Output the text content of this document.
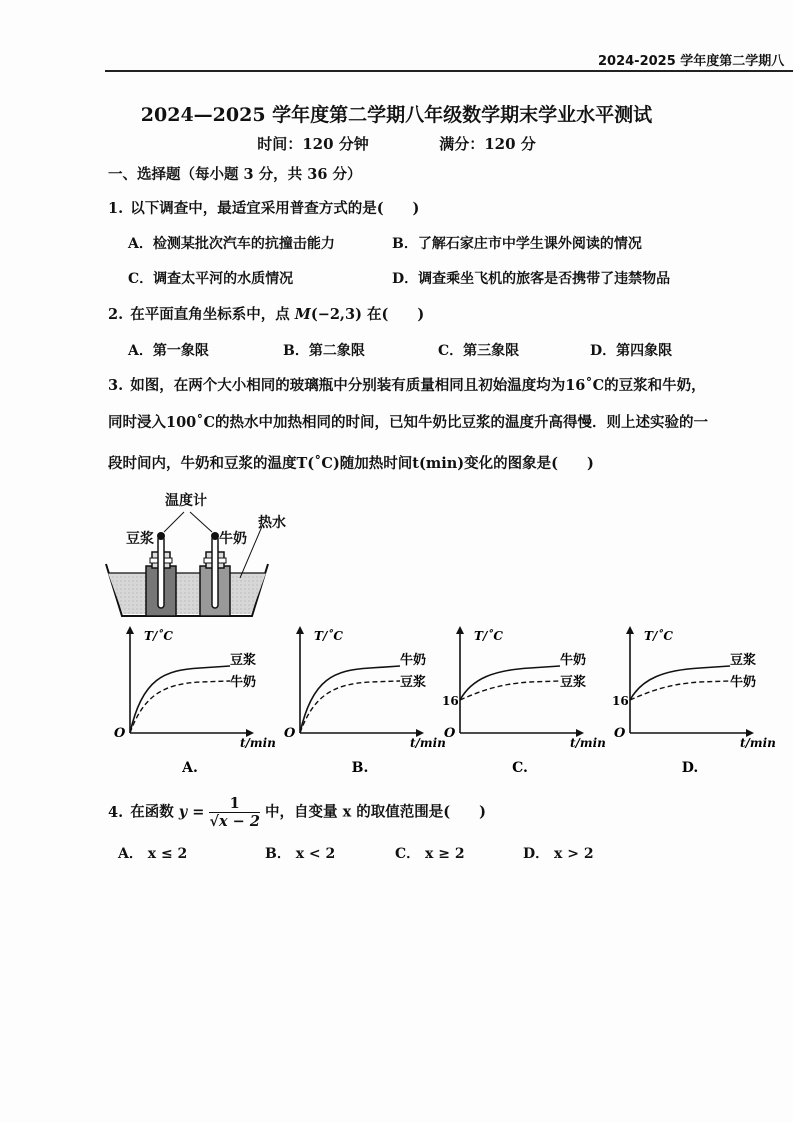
2024-2025 学年度第二学期八
2024—2025 学年度第二学期八年级数学期末学业水平测试
时间：120 分钟	满分：120 分
一、选择题（每小题 3 分，共 36 分）
1. 以下调查中，最适宜采用普查方式的是(　　)
A．检测某批次汽车的抗撞击能力	B．了解石家庄市中学生课外阅读的情况
C．调查太平河的水质情况	D．调查乘坐飞机的旅客是否携带了违禁物品
2. 在平面直角坐标系中，点 M(−2,3) 在(　　)
A．第一象限	B．第二象限	C．第三象限	D．第四象限
3. 如图，在两个大小相同的玻璃瓶中分别装有质量相同且初始温度均为16˚C的豆浆和牛奶，
同时浸入100˚C的热水中加热相同的时间，已知牛奶比豆浆的温度升高得慢．则上述实验的一
段时间内，牛奶和豆浆的温度T(˚C)随加热时间t(min)变化的图象是(　　)
温度计
豆浆	牛奶
热水
T/˚C
t/min
O
豆浆
牛奶
A.
T/˚C
t/min
O
牛奶
豆浆
B.
T/˚C
t/min
O
16
牛奶
豆浆
C.
T/˚C
t/min
O
16
豆浆
牛奶
D.
4. 在函数 $y = \frac{1}{√x - 2}$ 中，自变量 x 的取值范围是(　　)
A． x ≤ 2	B． x < 2	C． x ≥ 2	D． x > 2
